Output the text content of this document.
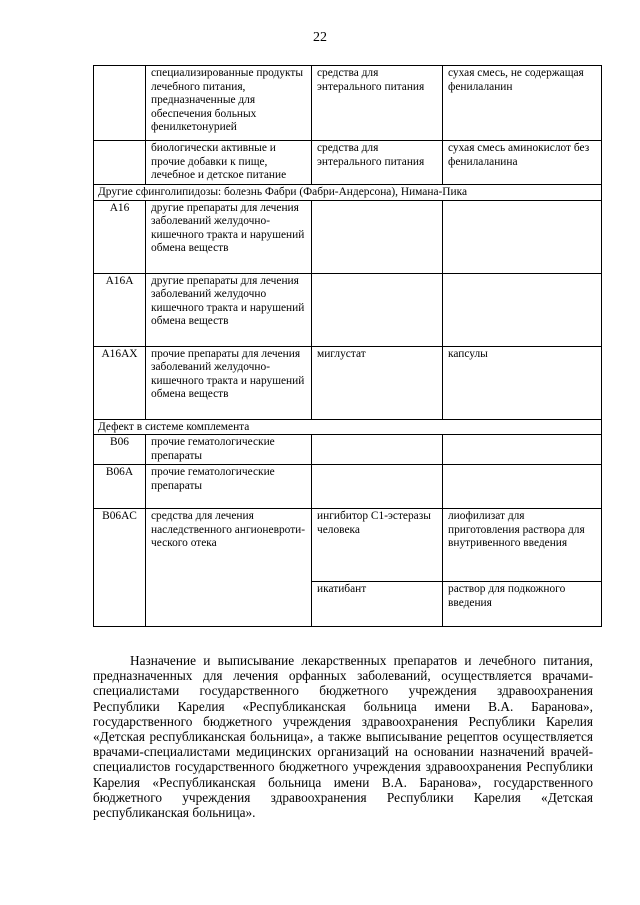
22
	специализированные продукты лечебного питания, предназначенные для обеспечения больных фенилкетонурией	средства для энтерального питания	сухая смесь, не содержащая фенилаланин
	биологически активные и прочие добавки к пище, лечебное и детское питание	средства для энтерального питания	сухая смесь аминокислот без фенилаланина
Другие сфинголипидозы: болезнь Фабри (Фабри-Андерсона), Нимана-Пика			
A16	другие препараты для лечения заболеваний желудочно-кишечного тракта и нарушений обмена веществ		
A16A	другие препараты для лечения заболеваний желудочно кишечного тракта и нарушений обмена веществ		
A16AX	прочие препараты для лечения заболеваний желудочно-кишечного тракта и нарушений обмена веществ	миглустат	капсулы
Дефект в системе комплемента			
B06	прочие гематологические препараты		
B06A	прочие гематологические препараты		
B06AC	средства для лечения наследственного ангионевроти-ческого отека	ингибитор С1-эстеразы человека	лиофилизат для приготовления раствора для внутривенного введения
		икатибант	раствор для подкожного введения
Назначение и выписывание лекарственных препаратов и лечебного питания, предназначенных для лечения орфанных заболеваний, осуществляется врачами-специалистами государственного бюджетного учреждения здравоохранения Республики Карелия «Республиканская больница имени В.А. Баранова», государственного бюджетного учреждения здравоохранения Республики Карелия «Детская республиканская больница», а также выписывание рецептов осуществляется врачами-специалистами медицинских организаций на основании назначений врачей-специалистов государственного бюджетного учреждения здравоохранения Республики Карелия «Республиканская больница имени В.А. Баранова», государственного бюджетного учреждения здравоохранения Республики Карелия «Детская республиканская больница».
